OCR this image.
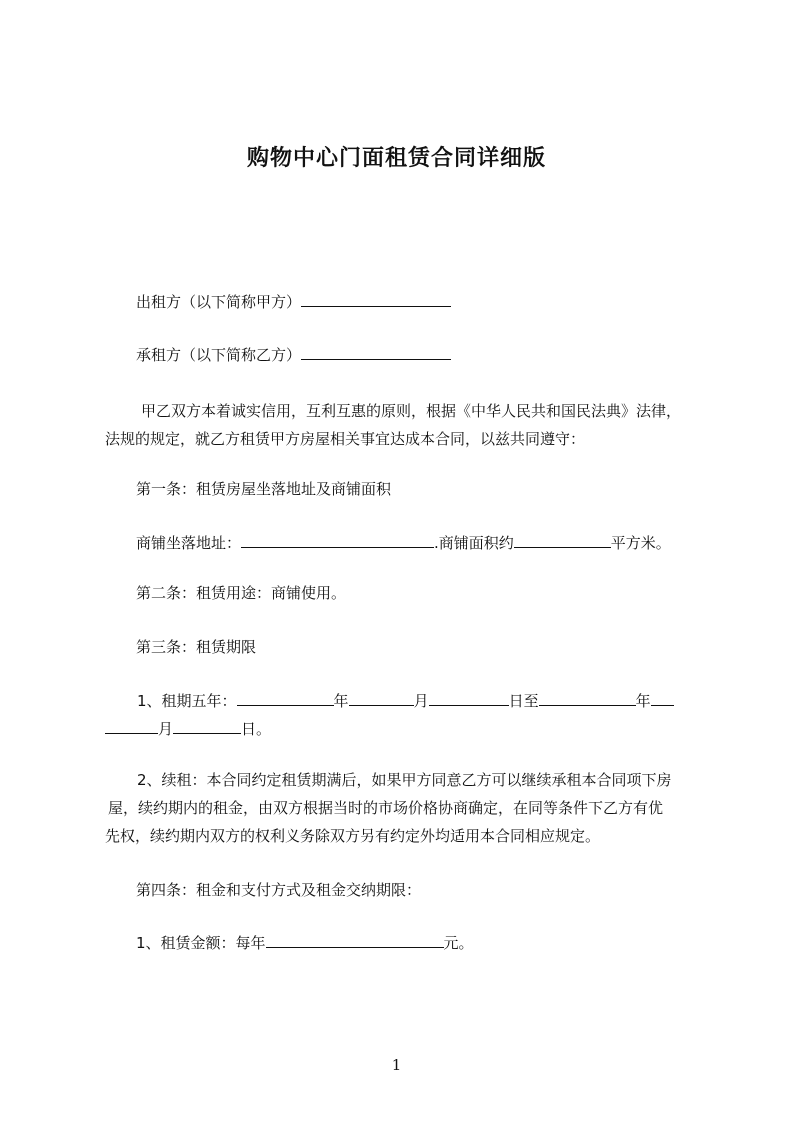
购物中心门面租赁合同详细版
出租方（以下简称甲方）
承租方（以下简称乙方）
甲乙双方本着诚实信用，互利互惠的原则，根据《中华人民共和国民法典》法律，
法规的规定，就乙方租赁甲方房屋相关事宜达成本合同，以兹共同遵守：
第一条：租赁房屋坐落地址及商铺面积
商铺坐落地址：	.商铺面积约	平方米。
第二条：租赁用途：商铺使用。
第三条：租赁期限
1、租期五年：	年	月	日至	年
月	日。
2、续租：本合同约定租赁期满后，如果甲方同意乙方可以继续承租本合同项下房
屋，续约期内的租金，由双方根据当时的市场价格协商确定，在同等条件下乙方有优
先权，续约期内双方的权利义务除双方另有约定外均适用本合同相应规定。
第四条：租金和支付方式及租金交纳期限：
1、租赁金额：每年	元。
1
